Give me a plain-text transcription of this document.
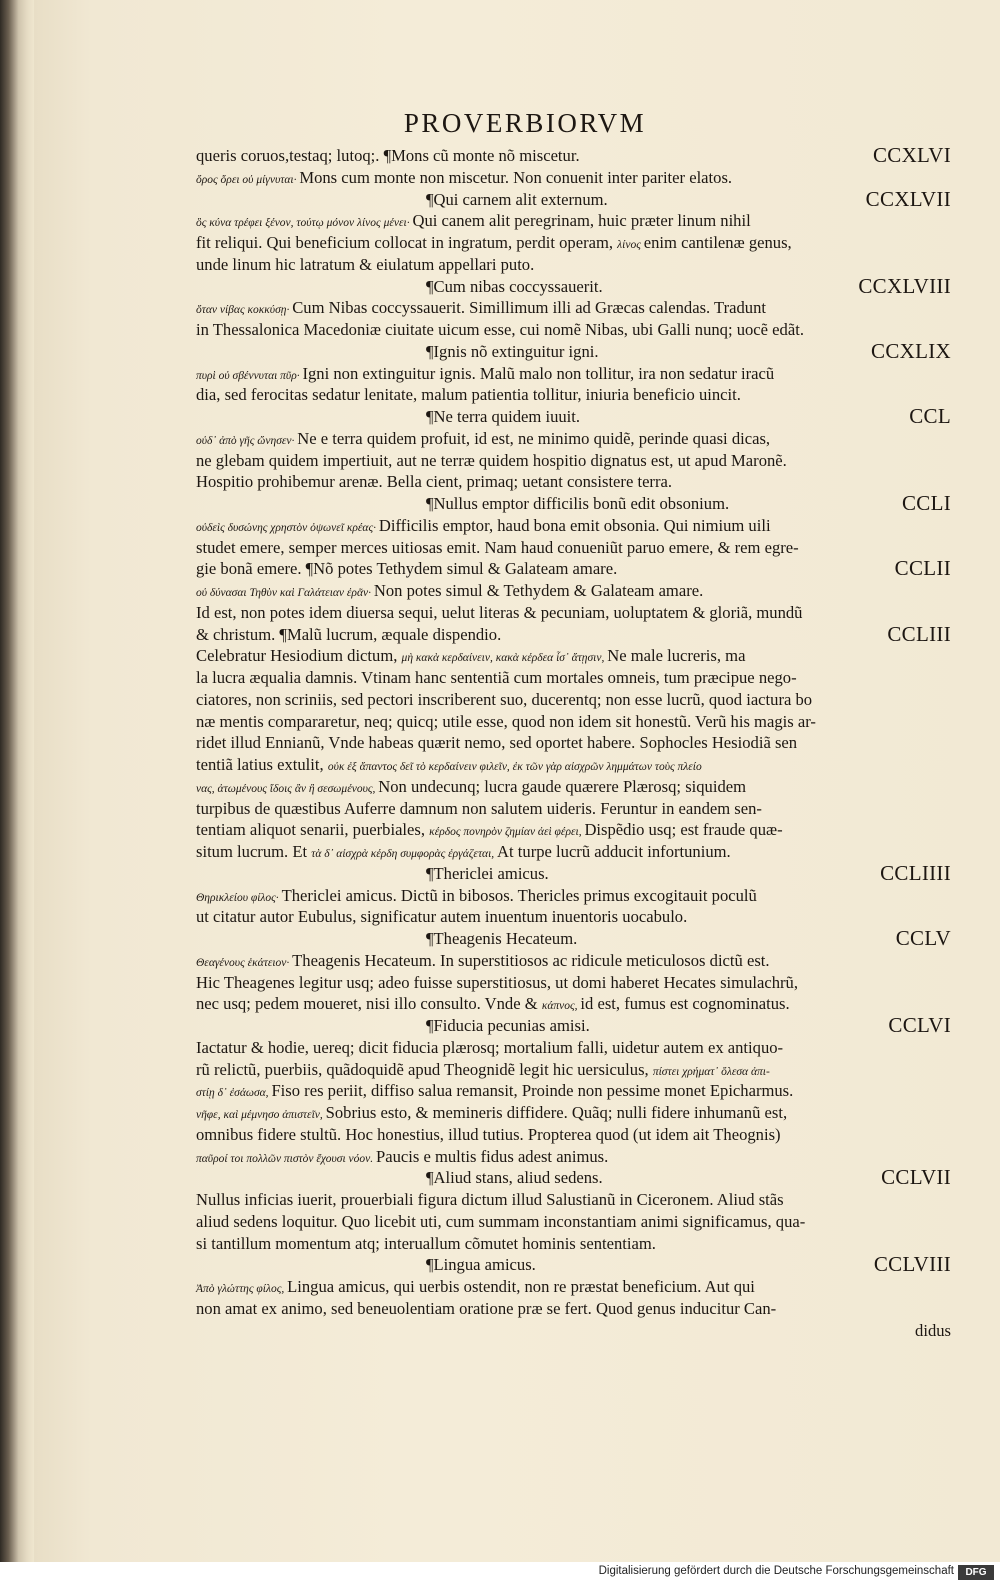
PROVERBIORVM
queris coruos,testaq; lutoq;. ¶Mons cũ monte nõ miscetur.	CCXLVI
ὄρος ὄρει οὐ μίγνυται· Mons cum monte non miscetur. Non conuenit inter pariter elatos.
¶Qui carnem alit externum.	CCXLVII
ὃς κύνα τρέφει ξένον, τούτῳ μόνον λίνος μένει· Qui canem alit peregrinam, huic præter linum nihil
fit reliqui. Qui beneficium collocat in ingratum, perdit operam, λίνος enim cantilenæ genus,
unde linum hic latratum & eiulatum appellari puto.
¶Cum nibas coccyssauerit.	CCXLVIII
ὅταν νίβας κοκκύσῃ· Cum Nibas coccyssauerit. Simillimum illi ad Græcas calendas. Tradunt
in Thessalonica Macedoniæ ciuitate uicum esse, cui nomẽ Nibas, ubi Galli nunq; uocẽ edãt.
¶Ignis nõ extinguitur igni.	CCXLIX
πυρὶ οὐ σβέννυται πῦρ· Igni non extinguitur ignis. Malũ malo non tollitur, ira non sedatur iracũ
dia, sed ferocitas sedatur lenitate, malum patientia tollitur, iniuria beneficio uincit.
¶Ne terra quidem iuuit.	CCL
οὐδ᾽ ἀπὸ γῆς ὤνησεν· Ne e terra quidem profuit, id est, ne minimo quidẽ, perinde quasi dicas,
ne glebam quidem impertiuit, aut ne terræ quidem hospitio dignatus est, ut apud Maronẽ.
Hospitio prohibemur arenæ. Bella cient, primaq; uetant consistere terra.
¶Nullus emptor difficilis bonũ edit obsonium.	CCLI
οὐδεὶς δυσώνης χρηστὸν ὀψωνεῖ κρέας· Difficilis emptor, haud bona emit obsonia. Qui nimium uili
studet emere, semper merces uitiosas emit. Nam haud conueniũt paruo emere, & rem egre-
gie bonã emere. ¶Nõ potes Tethydem simul & Galateam amare.	CCLII
οὐ δύνασαι Τηθὺν καὶ Γαλάτειαν ἐρᾶν· Non potes simul & Tethydem & Galateam amare.
Id est, non potes idem diuersa sequi, uelut literas & pecuniam, uoluptatem & gloriã, mundũ
& christum. ¶Malũ lucrum, æquale dispendio.	CCLIII
Celebratur Hesiodium dictum, μὴ κακὰ κερδαίνειν, κακὰ κέρδεα ἶσ᾽ ἄτῃσιν, Ne male lucreris, ma
la lucra æqualia damnis. Vtinam hanc sententiã cum mortales omneis, tum præcipue nego-
ciatores, non scriniis, sed pectori inscriberent suo, ducerentq; non esse lucrũ, quod iactura bo
næ mentis compararetur, neq; quicq; utile esse, quod non idem sit honestũ. Verũ his magis ar-
ridet illud Ennianũ, Vnde habeas quærit nemo, sed oportet habere. Sophocles Hesiodiã sen
tentiã latius extulit, οὐκ ἐξ ἅπαντος δεῖ τὸ κερδαίνειν φιλεῖν, ἐκ τῶν γὰρ αἰσχρῶν λημμάτων τοὺς πλείο
νας, ἀτωμένους ἴδοις ἂν ἢ σεσωμένους, Non undecunq; lucra gaude quærere Plærosq; siquidem
turpibus de quæstibus Auferre damnum non salutem uideris. Feruntur in eandem sen-
tentiam aliquot senarii, puerbiales, κέρδος πονηρὸν ζημίαν ἀεὶ φέρει, Dispẽdio usq; est fraude quæ-
situm lucrum. Et τὰ δ᾽ αἰσχρὰ κέρδη συμφορὰς ἐργάζεται, At turpe lucrũ adducit infortunium.
¶Thericlei amicus.	CCLIIII
Θηρικλείου φίλος· Thericlei amicus. Dictũ in bibosos. Thericles primus excogitauit poculũ
ut citatur autor Eubulus, significatur autem inuentum inuentoris uocabulo.
¶Theagenis Hecateum.	CCLV
Θεαγένους ἑκάτειον· Theagenis Hecateum. In superstitiosos ac ridicule meticulosos dictũ est.
Hic Theagenes legitur usq; adeo fuisse superstitiosus, ut domi haberet Hecates simulachrũ,
nec usq; pedem moueret, nisi illo consulto. Vnde & κάπνος, id est, fumus est cognominatus.
¶Fiducia pecunias amisi.	CCLVI
Iactatur & hodie, uereq; dicit fiducia plærosq; mortalium falli, uidetur autem ex antiquo-
rũ relictũ, puerbiis, quãdoquidẽ apud Theognidẽ legit hic uersiculus, πίστει χρήματ᾽ ὄλεσα ἀπι-
στίῃ δ᾽ ἐσάωσα, Fiso res periit, diffiso salua remansit, Proinde non pessime monet Epicharmus.
νῆφε, καὶ μέμνησο ἀπιστεῖν, Sobrius esto, & memineris diffidere. Quãq; nulli fidere inhumanũ est,
omnibus fidere stultũ. Hoc honestius, illud tutius. Propterea quod (ut idem ait Theognis)
παῦροί τοι πολλῶν πιστὸν ἔχουσι νόον. Paucis e multis fidus adest animus.
¶Aliud stans, aliud sedens.	CCLVII
Nullus inficias iuerit, prouerbiali figura dictum illud Salustianũ in Ciceronem. Aliud stãs
aliud sedens loquitur. Quo licebit uti, cum summam inconstantiam animi significamus, qua-
si tantillum momentum atq; interuallum cõmutet hominis sententiam.
¶Lingua amicus.	CCLVIII
Ἀπὸ γλώττης φίλος, Lingua amicus, qui uerbis ostendit, non re præstat beneficium. Aut qui
non amat ex animo, sed beneuolentiam oratione præ se fert. Quod genus inducitur Can-
didus
Digitalisierung gefördert durch die Deutsche Forschungsgemeinschaft	DFG
